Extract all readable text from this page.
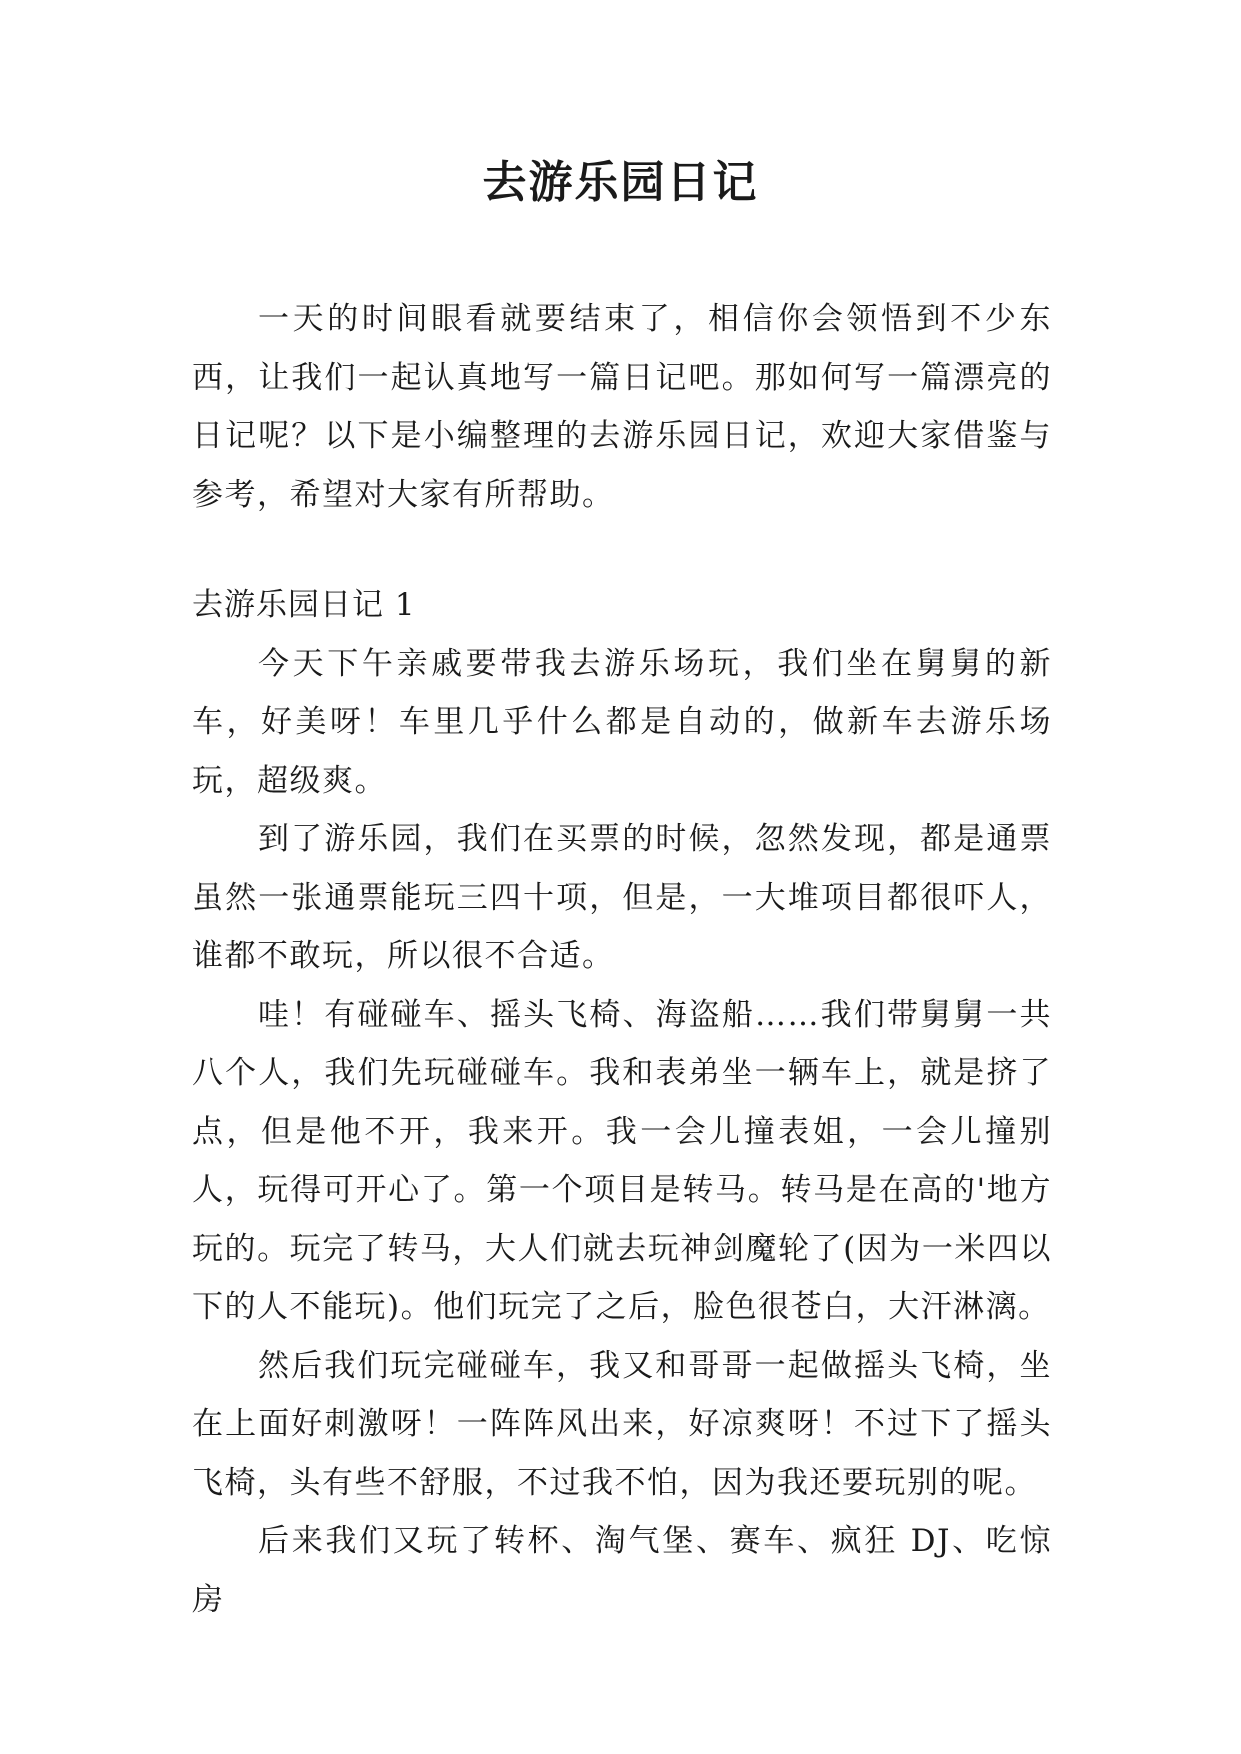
去游乐园日记

一天的时间眼看就要结束了，相信你会领悟到不少东西，让我们一起认真地写一篇日记吧。那如何写一篇漂亮的日记呢？以下是小编整理的去游乐园日记，欢迎大家借鉴与参考，希望对大家有所帮助。

去游乐园日记 1

今天下午亲戚要带我去游乐场玩，我们坐在舅舅的新车，好美呀！车里几乎什么都是自动的，做新车去游乐场玩，超级爽。

到了游乐园，我们在买票的时候，忽然发现，都是通票虽然一张通票能玩三四十项，但是，一大堆项目都很吓人，谁都不敢玩，所以很不合适。

哇！有碰碰车、摇头飞椅、海盗船……我们带舅舅一共八个人，我们先玩碰碰车。我和表弟坐一辆车上，就是挤了点，但是他不开，我来开。我一会儿撞表姐，一会儿撞别人，玩得可开心了。第一个项目是转马。转马是在高的'地方玩的。玩完了转马，大人们就去玩神剑魔轮了(因为一米四以下的人不能玩)。他们玩完了之后，脸色很苍白，大汗淋漓。

然后我们玩完碰碰车，我又和哥哥一起做摇头飞椅，坐在上面好刺激呀！一阵阵风出来，好凉爽呀！不过下了摇头飞椅，头有些不舒服，不过我不怕，因为我还要玩别的呢。

后来我们又玩了转杯、淘气堡、赛车、疯狂 DJ、吃惊房
